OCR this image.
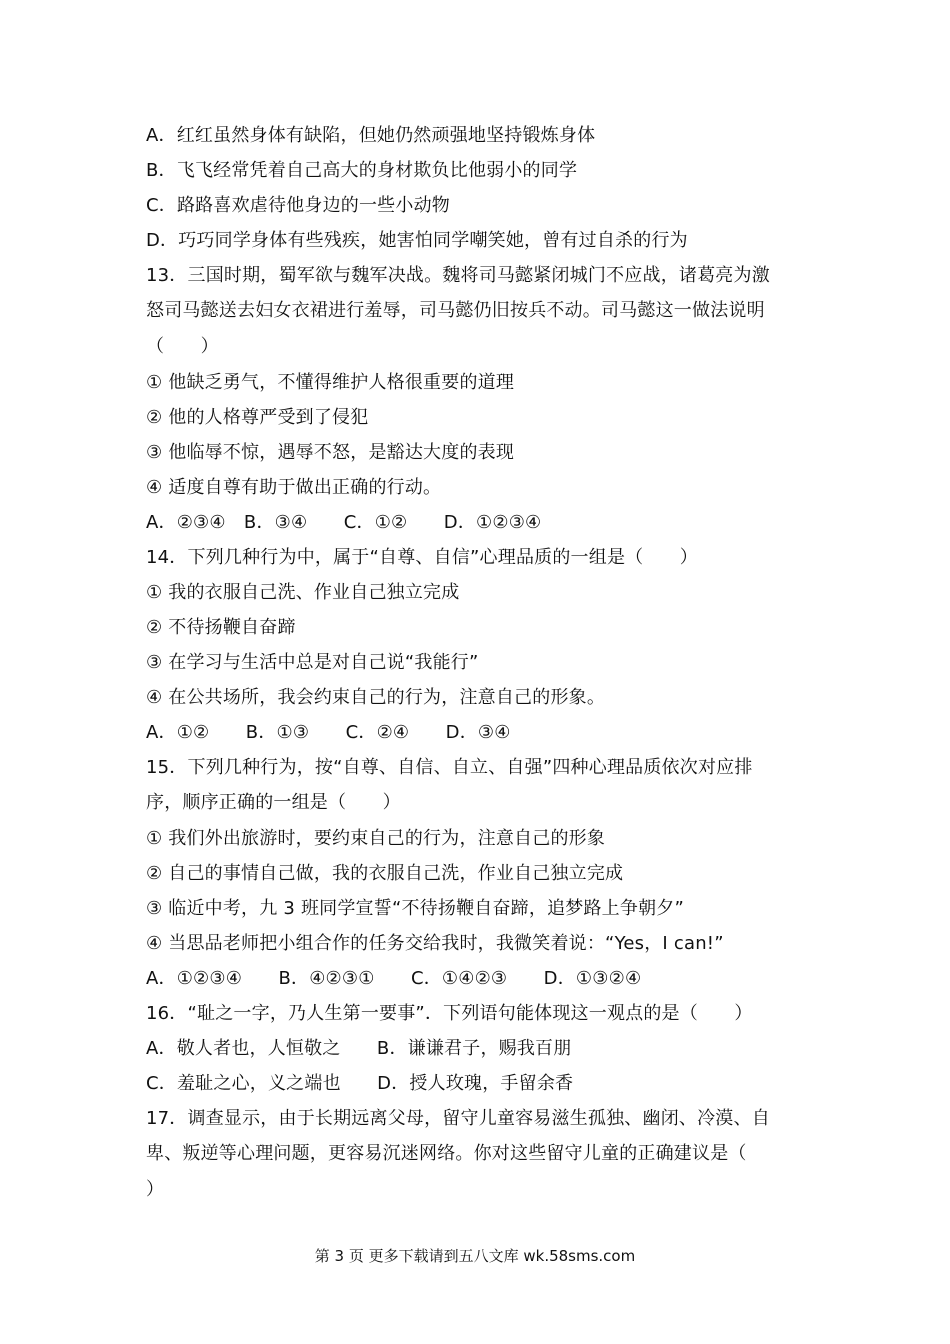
A．红红虽然身体有缺陷，但她仍然顽强地坚持锻炼身体
B．飞飞经常凭着自己高大的身材欺负比他弱小的同学
C．路路喜欢虐待他身边的一些小动物
D．巧巧同学身体有些残疾，她害怕同学嘲笑她，曾有过自杀的行为
13．三国时期，蜀军欲与魏军决战。魏将司马懿紧闭城门不应战，诸葛亮为激
怒司马懿送去妇女衣裙进行羞辱，司马懿仍旧按兵不动。司马懿这一做法说明
（　　）
① 他缺乏勇气，不懂得维护人格很重要的道理
② 他的人格尊严受到了侵犯
③ 他临辱不惊，遇辱不怒，是豁达大度的表现
④ 适度自尊有助于做出正确的行动。
A．②③④　B．③④　　C．①②　　D．①②③④
14．下列几种行为中，属于“自尊、自信”心理品质的一组是（　　）
① 我的衣服自己洗、作业自己独立完成
② 不待扬鞭自奋蹄
③ 在学习与生活中总是对自己说“我能行”
④ 在公共场所，我会约束自己的行为，注意自己的形象。
A．①②　　B．①③　　C．②④　　D．③④
15．下列几种行为，按“自尊、自信、自立、自强”四种心理品质依次对应排
序，顺序正确的一组是（　　）
① 我们外出旅游时，要约束自己的行为，注意自己的形象
② 自己的事情自己做，我的衣服自己洗，作业自己独立完成
③ 临近中考，九 3 班同学宣誓“不待扬鞭自奋蹄，追梦路上争朝夕”
④ 当思品老师把小组合作的任务交给我时，我微笑着说：“Yes，I can!”
A．①②③④　　B．④②③①　　C．①④②③　　D．①③②④
16．“耻之一字，乃人生第一要事”．下列语句能体现这一观点的是（　　）
A．敬人者也，人恒敬之　　B．谦谦君子，赐我百朋
C．羞耻之心，义之端也　　D．授人玫瑰，手留余香
17．调查显示，由于长期远离父母，留守儿童容易滋生孤独、幽闭、冷漠、自
卑、叛逆等心理问题，更容易沉迷网络。你对这些留守儿童的正确建议是（
）
第 3 页 更多下载请到五八文库 wk.58sms.com
